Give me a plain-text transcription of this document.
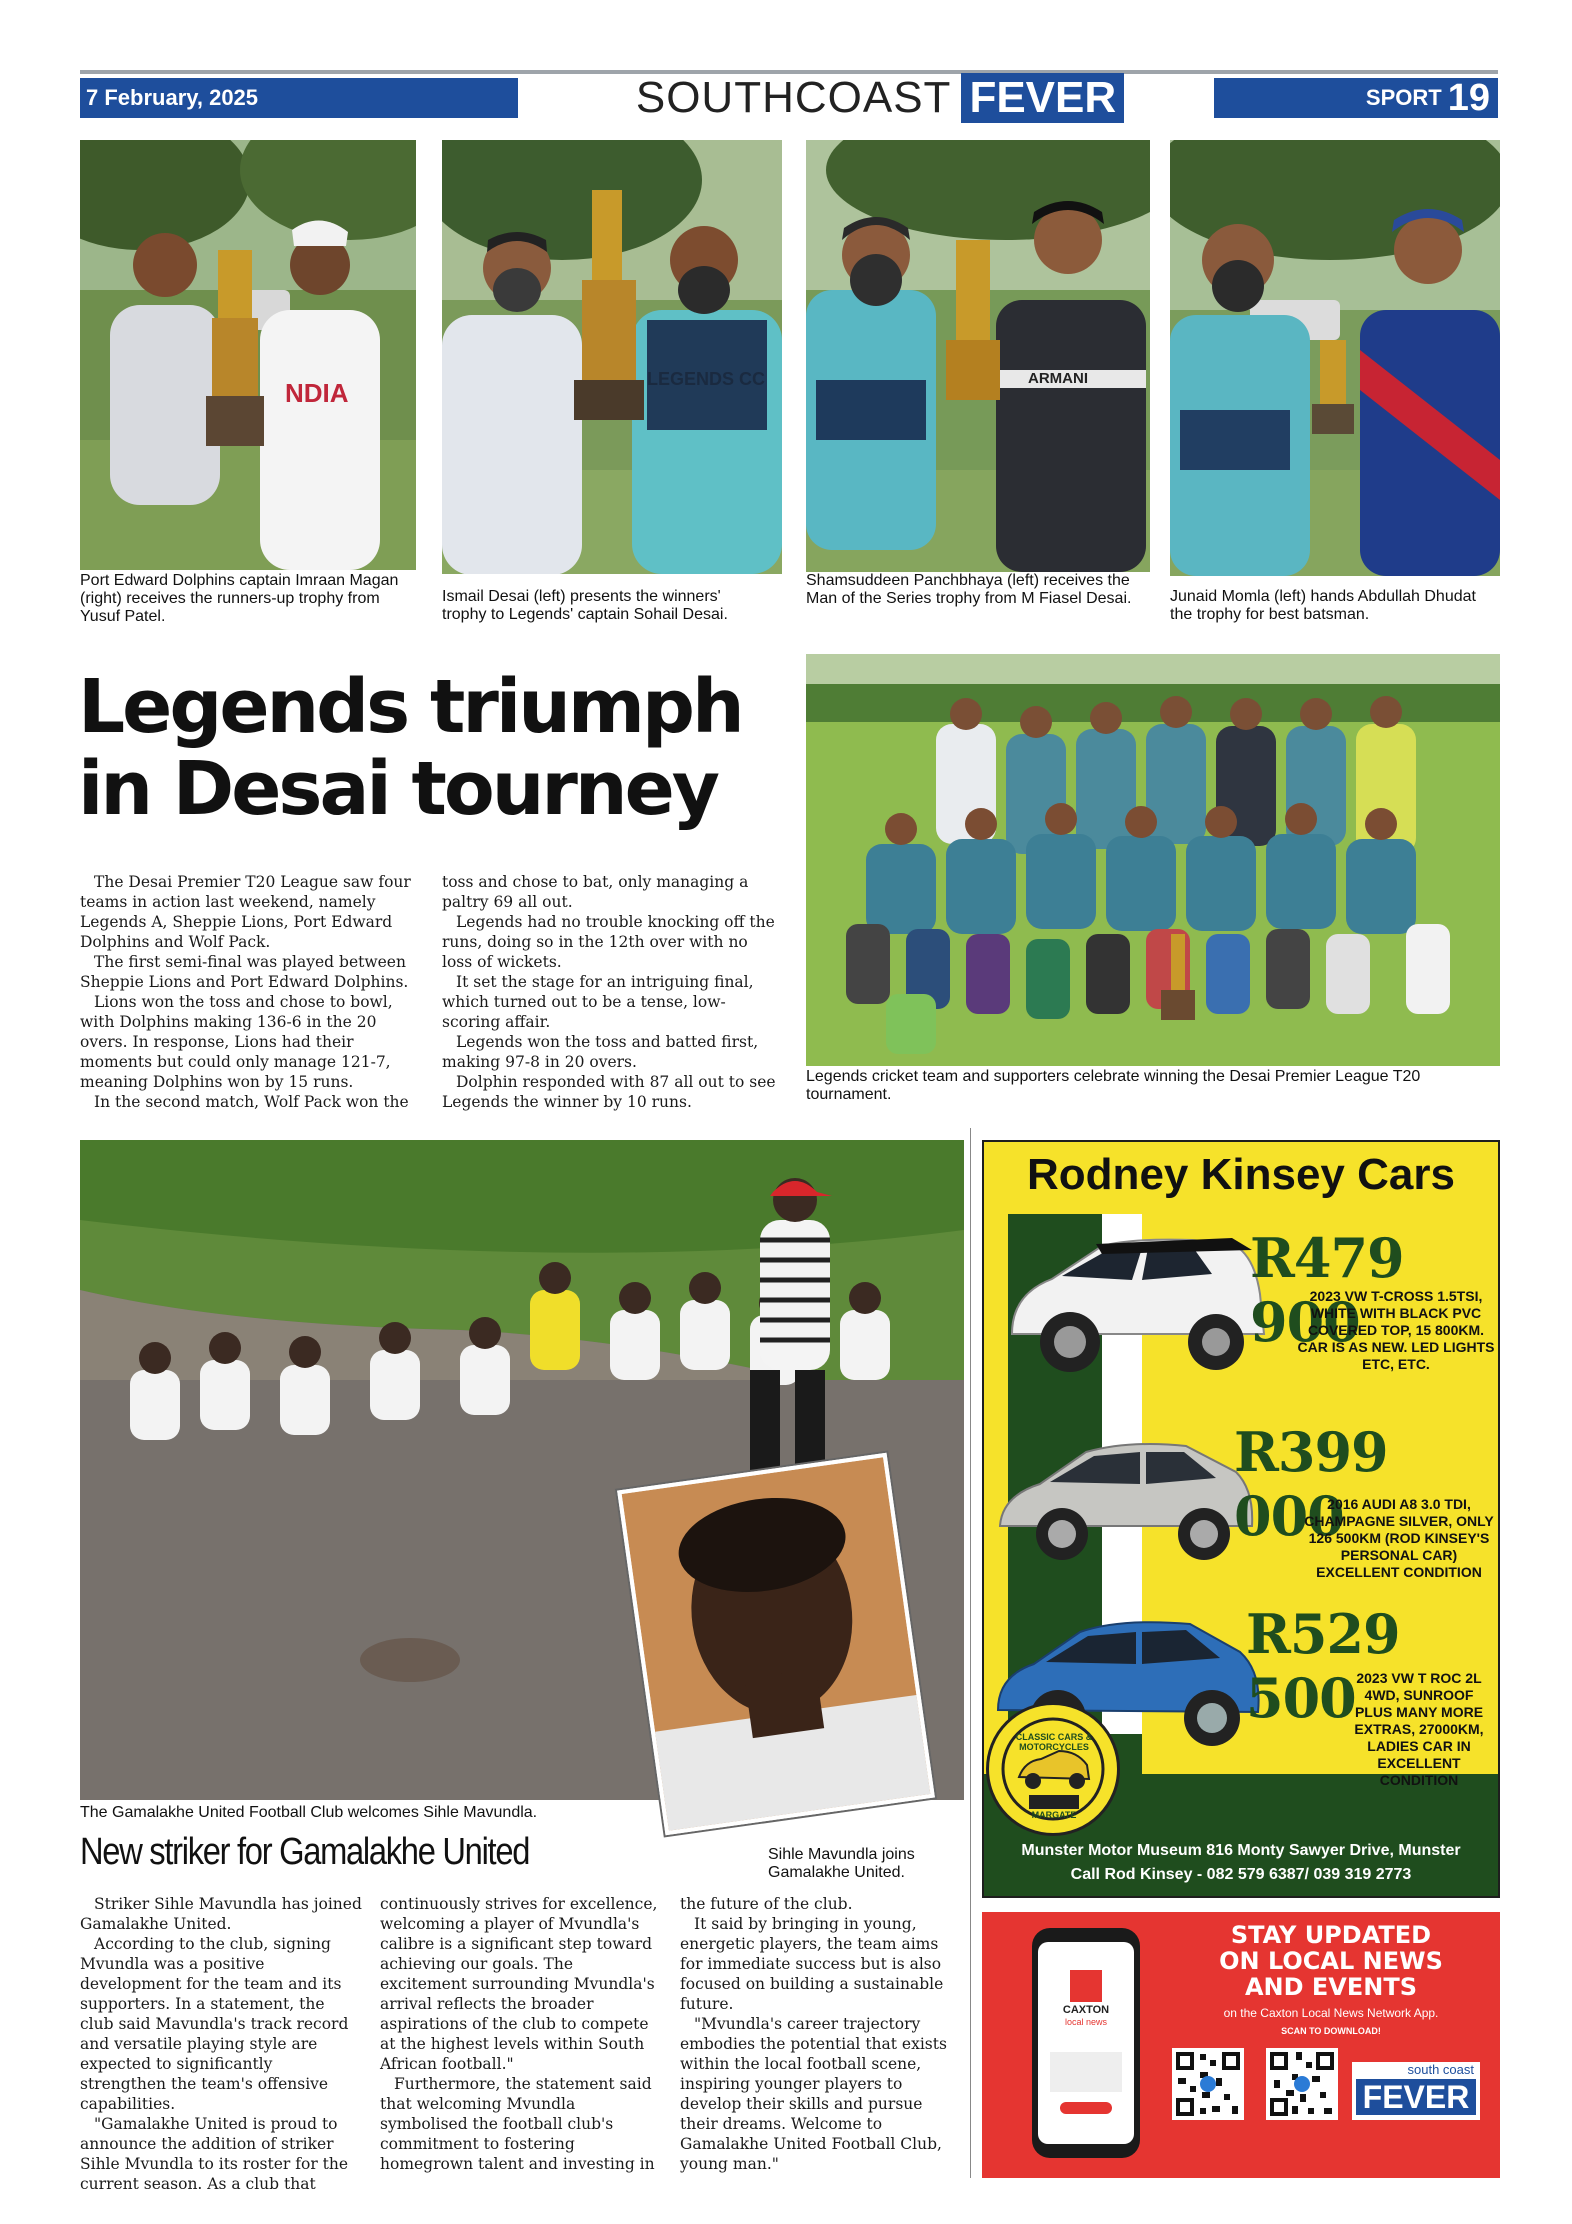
7 February, 2025	SOUTHCOAST FEVER	SPORT 19
NDIA
Port Edward Dolphins captain Imraan Magan (right) receives the runners-up trophy from Yusuf Patel.
LEGENDS CC
Ismail Desai (left) presents the winners' trophy to Legends' captain Sohail Desai.
ARMANI
Shamsuddeen Panchbhaya (left) receives the Man of the Series trophy from M Fiasel Desai.	Junaid Momla (left) hands Abdullah Dhudat the trophy for best batsman.
Legends triumph
in Desai tourney

The Desai Premier T20 League saw four teams in action last weekend, namely Legends A, Sheppie Lions, Port Edward Dolphins and Wolf Pack.

The first semi-final was played between Sheppie Lions and Port Edward Dolphins.

Lions won the toss and chose to bowl, with Dolphins making 136-6 in the 20 overs. In response, Lions had their moments but could only manage 121-7, meaning Dolphins won by 15 runs.

In the second match, Wolf Pack won the

toss and chose to bat, only managing a paltry 69 all out.

Legends had no trouble knocking off the runs, doing so in the 12th over with no loss of wickets.

It set the stage for an intriguing final, which turned out to be a tense, low-scoring affair.

Legends won the toss and batted first, making 97-8 in 20 overs.

Dolphin responded with 87 all out to see Legends the winner by 10 runs.

Legends cricket team and supporters celebrate winning the Desai Premier League T20 tournament.
The Gamalakhe United Football Club welcomes Sihle Mavundla.
Sihle Mavundla joins Gamalakhe United.
New striker for Gamalakhe United

Striker Sihle Mavundla has joined Gamalakhe United.

According to the club, signing Mvundla was a positive development for the team and its supporters. In a statement, the club said Mavundla's track record and versatile playing style are expected to significantly strengthen the team's offensive capabilities.

"Gamalakhe United is proud to announce the addition of striker Sihle Mvundla to its roster for the current season. As a club that

continuously strives for excellence, welcoming a player of Mvundla's calibre is a significant step toward achieving our goals. The excitement surrounding Mvundla's arrival reflects the broader aspirations of the club to compete at the highest levels within South African football."

Furthermore, the statement said that welcoming Mvundla symbolised the football club's commitment to fostering homegrown talent and investing in

the future of the club.

It said by bringing in young, energetic players, the team aims for immediate success but is also focused on building a sustainable future.

"Mvundla's career trajectory embodies the potential that exists within the local football scene, inspiring younger players to develop their skills and pursue their dreams. Welcome to Gamalakhe United Football Club, young man."

Rodney Kinsey Cars
R479 900
2023 VW T-CROSS 1.5TSI, WHITE WITH BLACK PVC COVERED TOP, 15 800KM. CAR IS AS NEW. LED LIGHTS ETC, ETC.
R399 000
2016 AUDI A8 3.0 TDI, CHAMPAGNE SILVER, ONLY 126 500KM (ROD KINSEY'S PERSONAL CAR) EXCELLENT CONDITION
R529 500 2023 VW T ROC 2L 4WD, SUNROOF PLUS MANY MORE EXTRAS, 27000KM, LADIES CAR IN EXCELLENT CONDITION
CLASSIC CARS & MOTORCYCLES
MARGATE
Munster Motor Museum 816 Monty Sawyer Drive, Munster
Call Rod Kinsey - 082 579 6387/ 039 319 2773
CAXTON
local news
STAY UPDATED
ON LOCAL NEWS
AND EVENTS
on the Caxton Local News Network App.
SCAN TO DOWNLOAD!
south coast
FEVER
